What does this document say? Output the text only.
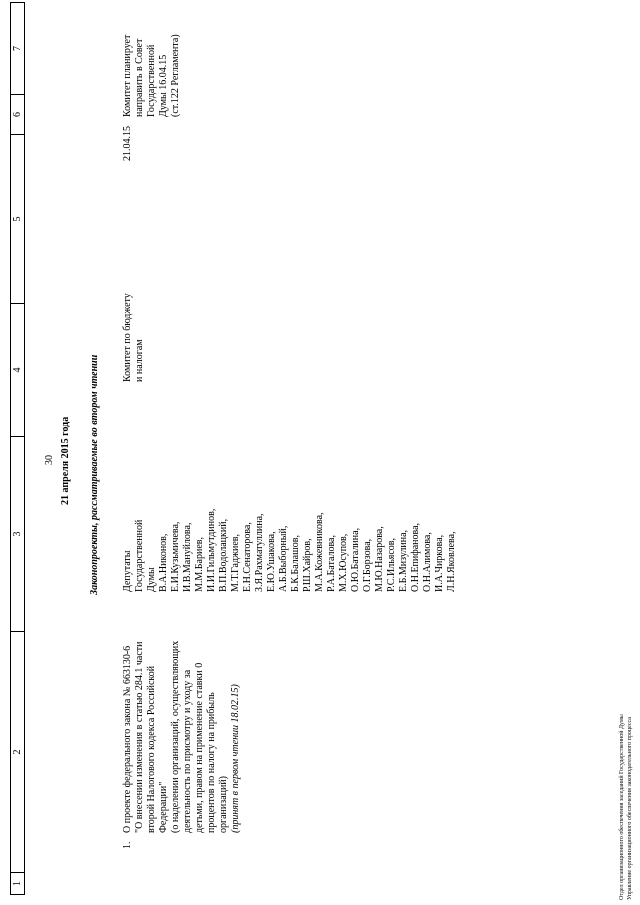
1
2
3
4
5
6
7
30 21 апреля 2015 года Законопроекты, рассматриваемые во втором чтении
1.
О проекте федерального закона № 663130-6 "О внесении изменения в статью 284.1 части второй Налогового кодекса Российской Федерации" (о наделении организаций, осуществляющих деятельность по присмотру и уходу за детьми, правом на применение ставки 0 процентов по налогу на прибыль организаций) (принят в первом чтении 18.02.15)
Депутаты Государственной Думы В.А.Никонов, Е.И.Кузьмичева, И.В.Мануйлова, М.М.Бариев, И.И.Гильмутдинов, В.П.Водолацкий, М.Т.Гаджиев, Е.Н.Сенаторова, З.Я.Рахматуллина, Е.Ю.Ушакова, А.Б.Выборный, Б.К.Балашов, Р.Ш.Хайров, М.А.Кожевникова, Р.А.Баталова, М.Х.Юсупов, О.Ю.Баталина, О.Г.Борзова, М.Ю.Назарова, Р.С.Ильясов, Е.Б.Мизулина, О.Н.Епифанова, О.Н.Алимова, И.А.Чиркова, Л.Н.Яковлева,
Комитет по бюджету и налогам
21.04.15
Комитет планирует направить в Совет Государственной Думы 16.04.15 (ст.122 Регламента)
Отдел организационного обеспечения заседаний Государственной Думы Управление организационного обеспечения законодательного процесса
